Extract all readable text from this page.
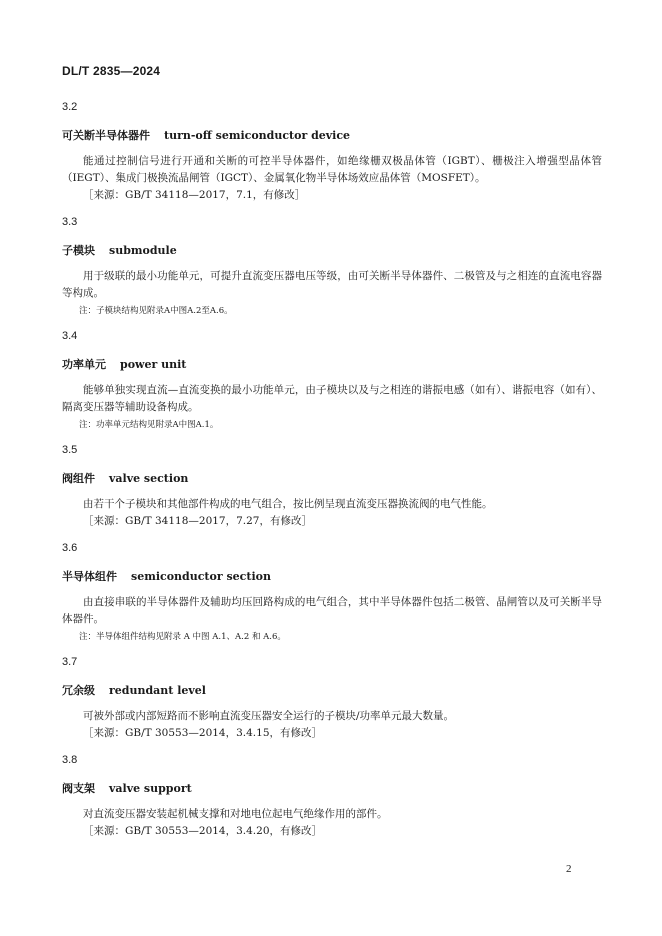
DL/T 2835—2024
3.2
可关断半导体器件 turn-off semiconductor device

能通过控制信号进行开通和关断的可控半导体器件，如绝缘栅双极晶体管（IGBT）、栅极注入增强型晶体管（IEGT）、集成门极换流晶闸管（IGCT）、金属氧化物半导体场效应晶体管（MOSFET）。

［来源：GB/T 34118—2017，7.1，有修改］

3.3
子模块 submodule

用于级联的最小功能单元，可提升直流变压器电压等级，由可关断半导体器件、二极管及与之相连的直流电容器等构成。

注：子模块结构见附录A中图A.2至A.6。

3.4
功率单元 power unit

能够单独实现直流—直流变换的最小功能单元，由子模块以及与之相连的谐振电感（如有）、谐振电容（如有）、隔离变压器等辅助设备构成。

注：功率单元结构见附录A中图A.1。

3.5
阀组件 valve section

由若干个子模块和其他部件构成的电气组合，按比例呈现直流变压器换流阀的电气性能。

［来源：GB/T 34118—2017，7.27，有修改］

3.6
半导体组件 semiconductor section

由直接串联的半导体器件及辅助均压回路构成的电气组合，其中半导体器件包括二极管、晶闸管以及可关断半导体器件。

注：半导体组件结构见附录 A 中图 A.1、A.2 和 A.6。

3.7
冗余级 redundant level

可被外部或内部短路而不影响直流变压器安全运行的子模块/功率单元最大数量。

［来源：GB/T 30553—2014，3.4.15，有修改］

3.8
阀支架 valve support

对直流变压器安装起机械支撑和对地电位起电气绝缘作用的部件。

［来源：GB/T 30553—2014，3.4.20，有修改］

2
